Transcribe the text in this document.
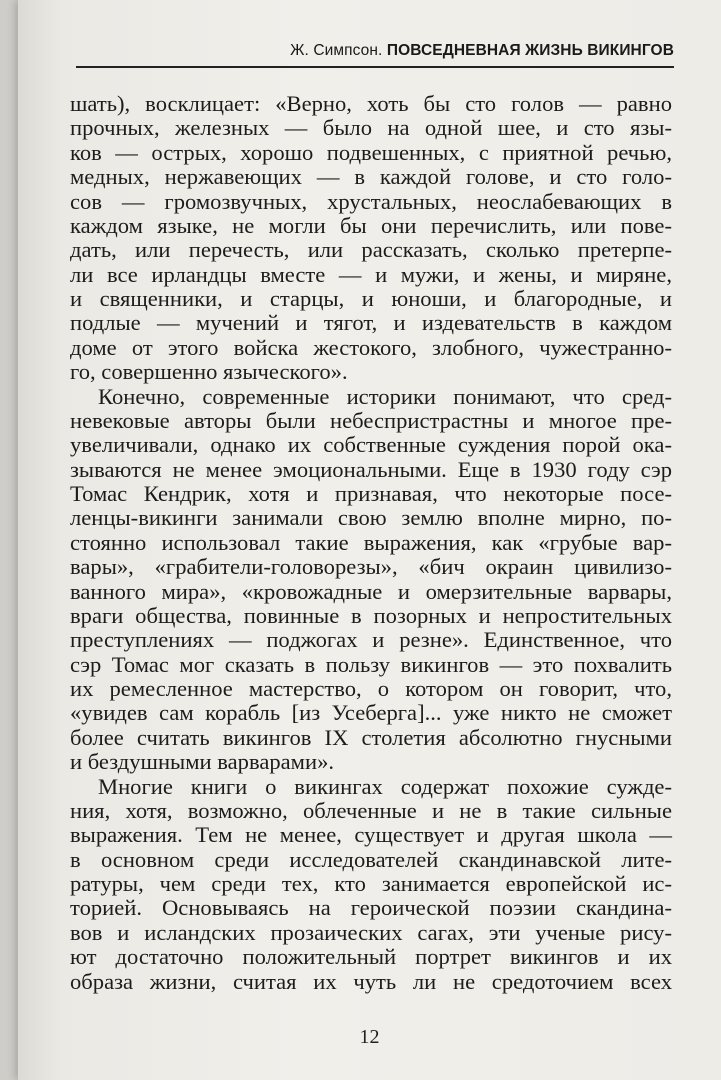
Ж. Симпсон. ПОВСЕДНЕВНАЯ ЖИЗНЬ ВИКИНГОВ
шать), восклицает: «Верно, хоть бы сто голов — равно
прочных, железных — было на одной шее, и сто язы-
ков — острых, хорошо подвешенных, с приятной речью,
медных, нержавеющих — в каждой голове, и сто голо-
сов — громозвучных, хрустальных, неослабевающих в
каждом языке, не могли бы они перечислить, или пове-
дать, или перечесть, или рассказать, сколько претерпе-
ли все ирландцы вместе — и мужи, и жены, и миряне,
и священники, и старцы, и юноши, и благородные, и
подлые — мучений и тягот, и издевательств в каждом
доме от этого войска жестокого, злобного, чужестранно-
го, совершенно языческого».
Конечно, современные историки понимают, что сред-
невековые авторы были небеспристрастны и многое пре-
увеличивали, однако их собственные суждения порой ока-
зываются не менее эмоциональными. Еще в 1930 году сэр
Томас Кендрик, хотя и признавая, что некоторые посе-
ленцы-викинги занимали свою землю вполне мирно, по-
стоянно использовал такие выражения, как «грубые вар-
вары», «грабители-головорезы», «бич окраин цивилизо-
ванного мира», «кровожадные и омерзительные варвары,
враги общества, повинные в позорных и непростительных
преступлениях — поджогах и резне». Единственное, что
сэр Томас мог сказать в пользу викингов — это похвалить
их ремесленное мастерство, о котором он говорит, что,
«увидев сам корабль [из Усеберга]... уже никто не сможет
более считать викингов IX столетия абсолютно гнусными
и бездушными варварами».
Многие книги о викингах содержат похожие сужде-
ния, хотя, возможно, облеченные и не в такие сильные
выражения. Тем не менее, существует и другая школа —
в основном среди исследователей скандинавской лите-
ратуры, чем среди тех, кто занимается европейской ис-
торией. Основываясь на героической поэзии скандина-
вов и исландских прозаических сагах, эти ученые рису-
ют достаточно положительный портрет викингов и их
образа жизни, считая их чуть ли не средоточием всех
12
